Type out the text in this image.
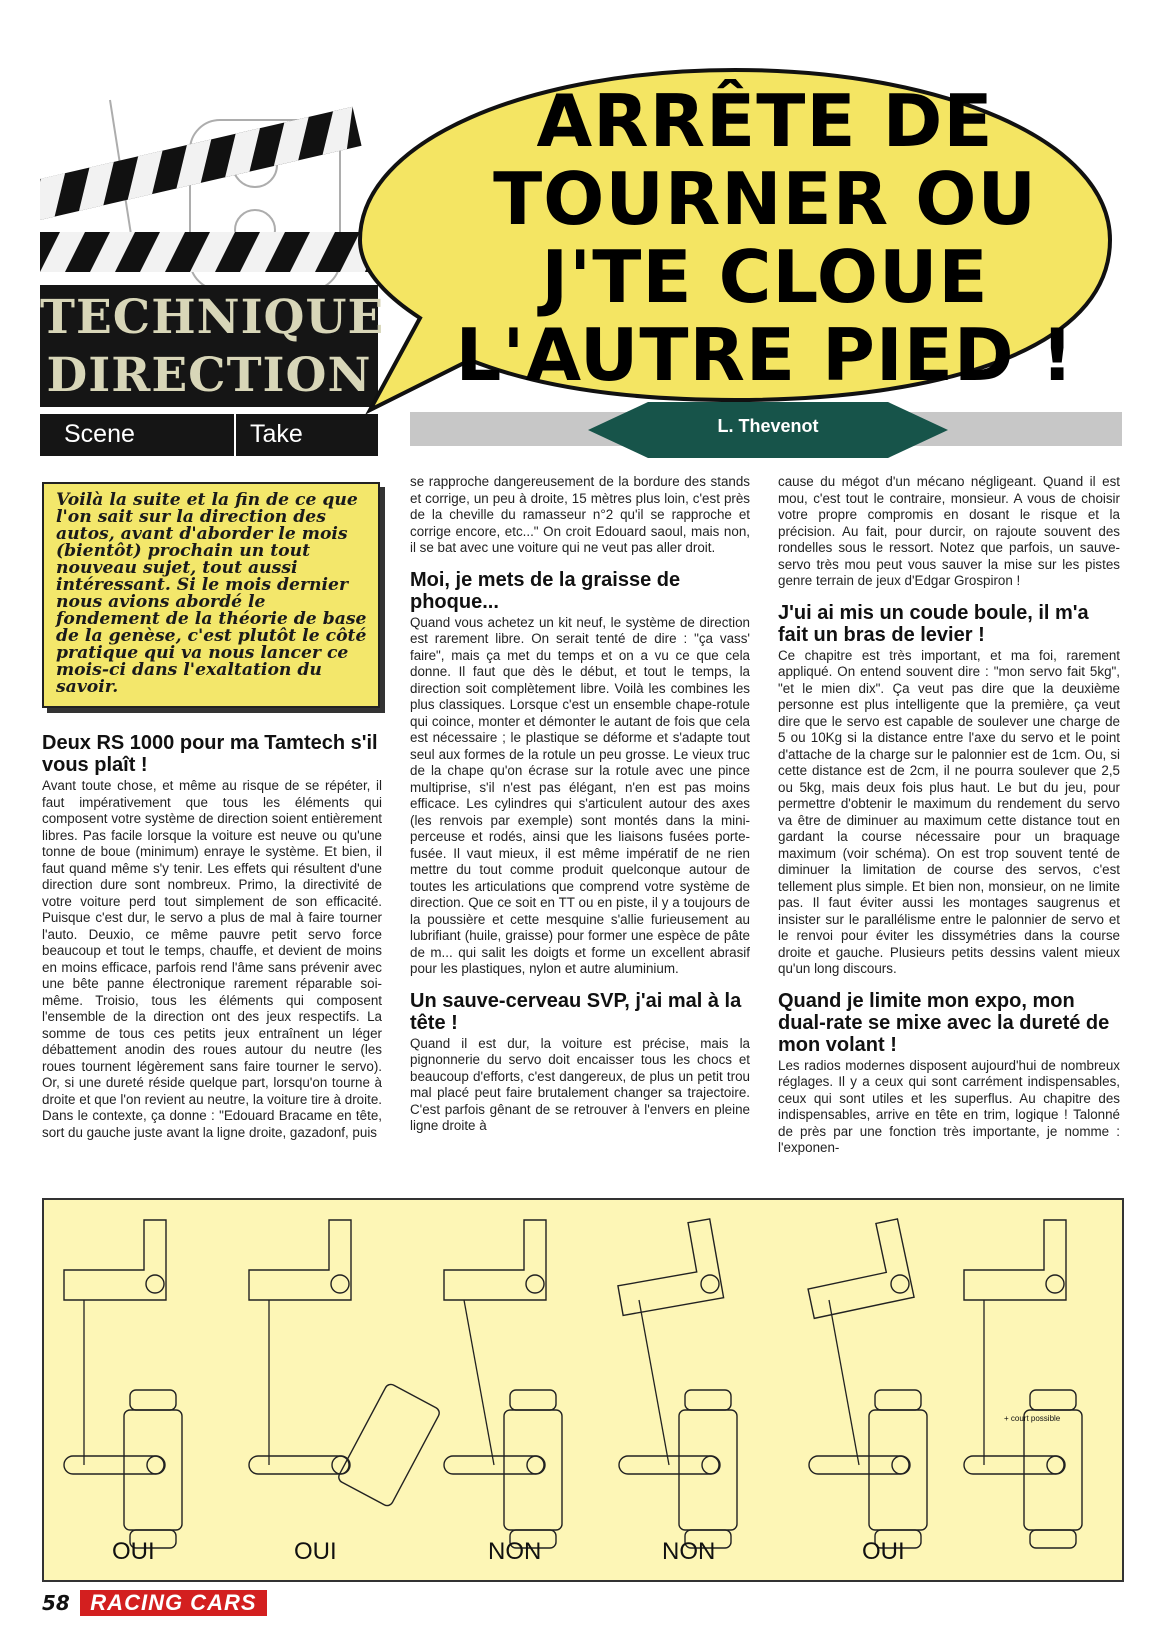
TECHNIQUE
DIRECTION
Scene	Take
ARRÊTE DE TOURNER OU J'TE CLOUE L'AUTRE PIED !
L. Thevenot

Voilà la suite et la fin de ce que l'on sait sur la direction des autos, avant d'aborder le mois (bientôt) prochain un tout nouveau sujet, tout aussi intéressant. Si le mois dernier nous avions abordé le fondement de la théorie de base de la genèse, c'est plutôt le côté pratique qui va nous lancer ce mois-ci dans l'exaltation du savoir.

Deux RS 1000 pour ma Tamtech s'il vous plaît !

Avant toute chose, et même au risque de se répéter, il faut impérativement que tous les éléments qui composent votre système de direction soient entièrement libres. Pas facile lorsque la voiture est neuve ou qu'une tonne de boue (minimum) enraye le système. Et bien, il faut quand même s'y tenir. Les effets qui résultent d'une direction dure sont nombreux. Primo, la directivité de votre voiture perd tout simplement de son efficacité. Puisque c'est dur, le servo a plus de mal à faire tourner l'auto. Deuxio, ce même pauvre petit servo force beaucoup et tout le temps, chauffe, et devient de moins en moins efficace, parfois rend l'âme sans prévenir avec une bête panne électronique rarement réparable soi-même. Troisio, tous les éléments qui composent l'ensemble de la direction ont des jeux respectifs. La somme de tous ces petits jeux entraînent un léger débattement anodin des roues autour du neutre (les roues tournent légèrement sans faire tourner le servo). Or, si une dureté réside quelque part, lorsqu'on tourne à droite et que l'on revient au neutre, la voiture tire à droite. Dans le contexte, ça donne : "Edouard Bracame en tête, sort du gauche juste avant la ligne droite, gazadonf, puis

se rapproche dangereusement de la bordure des stands et corrige, un peu à droite, 15 mètres plus loin, c'est près de la cheville du ramasseur n°2 qu'il se rapproche et corrige encore, etc..." On croit Edouard saoul, mais non, il se bat avec une voiture qui ne veut pas aller droit.

Moi, je mets de la graisse de phoque...

Quand vous achetez un kit neuf, le système de direction est rarement libre. On serait tenté de dire : "ça vass' faire", mais ça met du temps et on a vu ce que cela donne. Il faut que dès le début, et tout le temps, la direction soit complètement libre. Voilà les combines les plus classiques. Lorsque c'est un ensemble chape-rotule qui coince, monter et démonter le autant de fois que cela est nécessaire ; le plastique se déforme et s'adapte tout seul aux formes de la rotule un peu grosse. Le vieux truc de la chape qu'on écrase sur la rotule avec une pince multiprise, s'il n'est pas élégant, n'en est pas moins efficace. Les cylindres qui s'articulent autour des axes (les renvois par exemple) sont montés dans la mini-perceuse et rodés, ainsi que les liaisons fusées porte-fusée. Il vaut mieux, il est même impératif de ne rien mettre du tout comme produit quelconque autour de toutes les articulations que comprend votre système de direction. Que ce soit en TT ou en piste, il y a toujours de la poussière et cette mesquine s'allie furieusement au lubrifiant (huile, graisse) pour former une espèce de pâte de m... qui salit les doigts et forme un excellent abrasif pour les plastiques, nylon et autre aluminium.

Un sauve-cerveau SVP, j'ai mal à la tête !

Quand il est dur, la voiture est précise, mais la pignonnerie du servo doit encaisser tous les chocs et beaucoup d'efforts, c'est dangereux, de plus un petit trou mal placé peut faire brutalement changer sa trajectoire. C'est parfois gênant de se retrouver à l'envers en pleine ligne droite à

cause du mégot d'un mécano négligeant. Quand il est mou, c'est tout le contraire, monsieur. A vous de choisir votre propre compromis en dosant le risque et la précision. Au fait, pour durcir, on rajoute souvent des rondelles sous le ressort. Notez que parfois, un sauve-servo très mou peut vous sauver la mise sur les pistes genre terrain de jeux d'Edgar Grospiron !

J'ui ai mis un coude boule, il m'a fait un bras de levier !

Ce chapitre est très important, et ma foi, rarement appliqué. On entend souvent dire : "mon servo fait 5kg", "et le mien dix". Ça veut pas dire que la deuxième personne est plus intelligente que la première, ça veut dire que le servo est capable de soulever une charge de 5 ou 10Kg si la distance entre l'axe du servo et le point d'attache de la charge sur le palonnier est de 1cm. Ou, si cette distance est de 2cm, il ne pourra soulever que 2,5 ou 5kg, mais deux fois plus haut. Le but du jeu, pour permettre d'obtenir le maximum du rendement du servo va être de diminuer au maximum cette distance tout en gardant la course nécessaire pour un braquage maximum (voir schéma). On est trop souvent tenté de diminuer la limitation de course des servos, c'est tellement plus simple. Et bien non, monsieur, on ne limite pas. Il faut éviter aussi les montages saugrenus et insister sur le parallélisme entre le palonnier de servo et le renvoi pour éviter les dissymétries dans la course droite et gauche. Plusieurs petits dessins valent mieux qu'un long discours.

Quand je limite mon expo, mon dual-rate se mixe avec la dureté de mon volant !

Les radios modernes disposent aujourd'hui de nombreux réglages. Il y a ceux qui sont carrément indispensables, ceux qui sont utiles et les superflus. Au chapitre des indispensables, arrive en tête en trim, logique ! Talonné de près par une fonction très importante, je nomme : l'exponen-

OUI	OUI	NON	NON	OUI
+ court possible
58 RACING CARS
